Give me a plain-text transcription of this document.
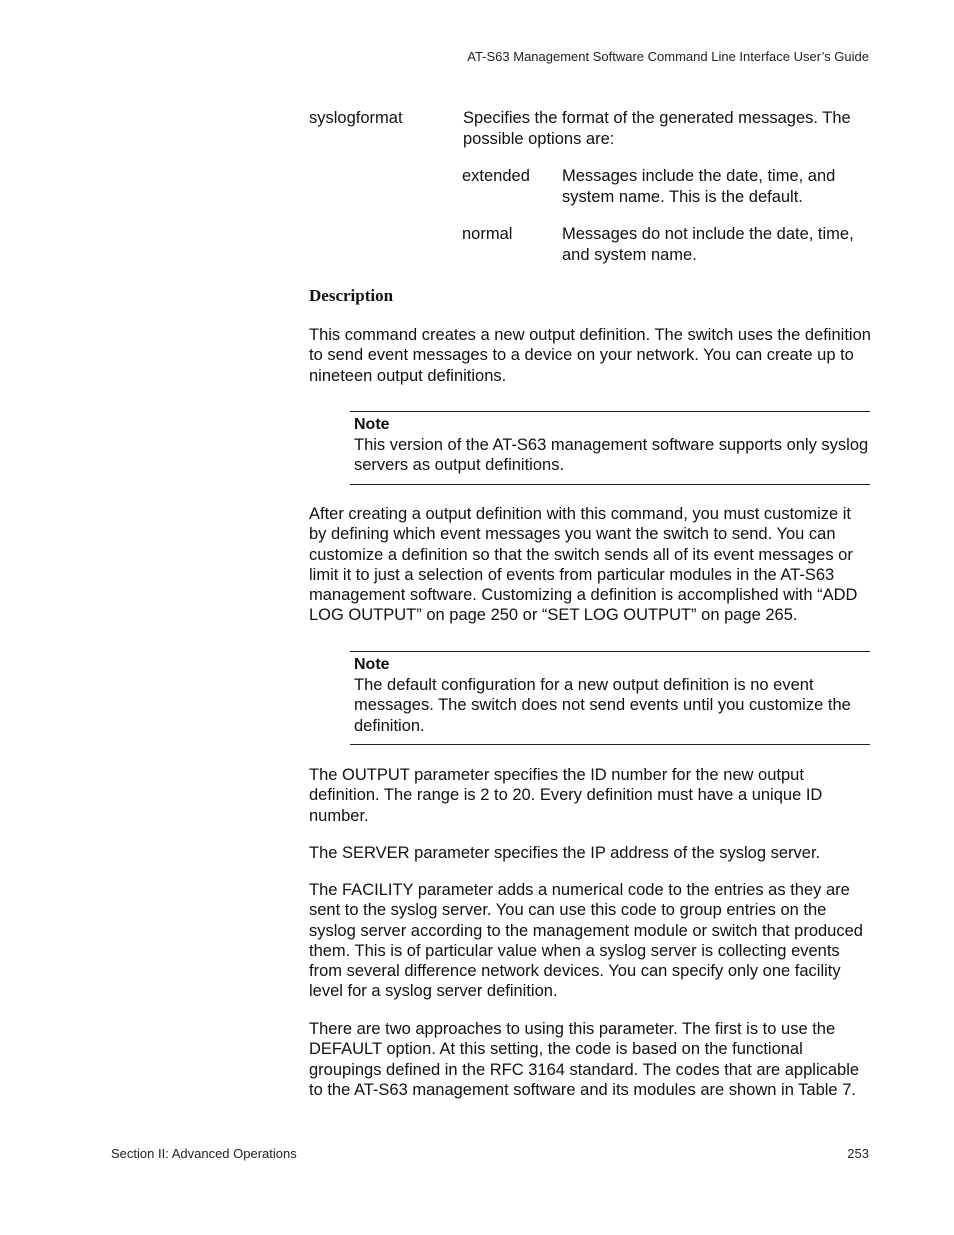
AT-S63 Management Software Command Line Interface User’s Guide
syslogformat	Specifies the format of the generated messages. The possible options are:
extended Messages include the date, time, and system name. This is the default.
normal	Messages do not include the date, time, and system name.
Description
This command creates a new output definition. The switch uses the definition to send event messages to a device on your network. You can create up to nineteen output definitions.
Note
This version of the AT-S63 management software supports only syslog servers as output definitions.
After creating a output definition with this command, you must customize it by defining which event messages you want the switch to send. You can customize a definition so that the switch sends all of its event messages or limit it to just a selection of events from particular modules in the AT-S63 management software. Customizing a definition is accomplished with “ADD LOG OUTPUT” on page 250 or “SET LOG OUTPUT” on page 265.
Note
The default configuration for a new output definition is no event messages. The switch does not send events until you customize the definition.
The OUTPUT parameter specifies the ID number for the new output definition. The range is 2 to 20. Every definition must have a unique ID number.
The SERVER parameter specifies the IP address of the syslog server.
The FACILITY parameter adds a numerical code to the entries as they are sent to the syslog server. You can use this code to group entries on the syslog server according to the management module or switch that produced them. This is of particular value when a syslog server is collecting events from several difference network devices. You can specify only one facility level for a syslog server definition.
There are two approaches to using this parameter. The first is to use the DEFAULT option. At this setting, the code is based on the functional groupings defined in the RFC 3164 standard. The codes that are applicable to the AT-S63 management software and its modules are shown in Table 7.
Section II: Advanced Operations	253
